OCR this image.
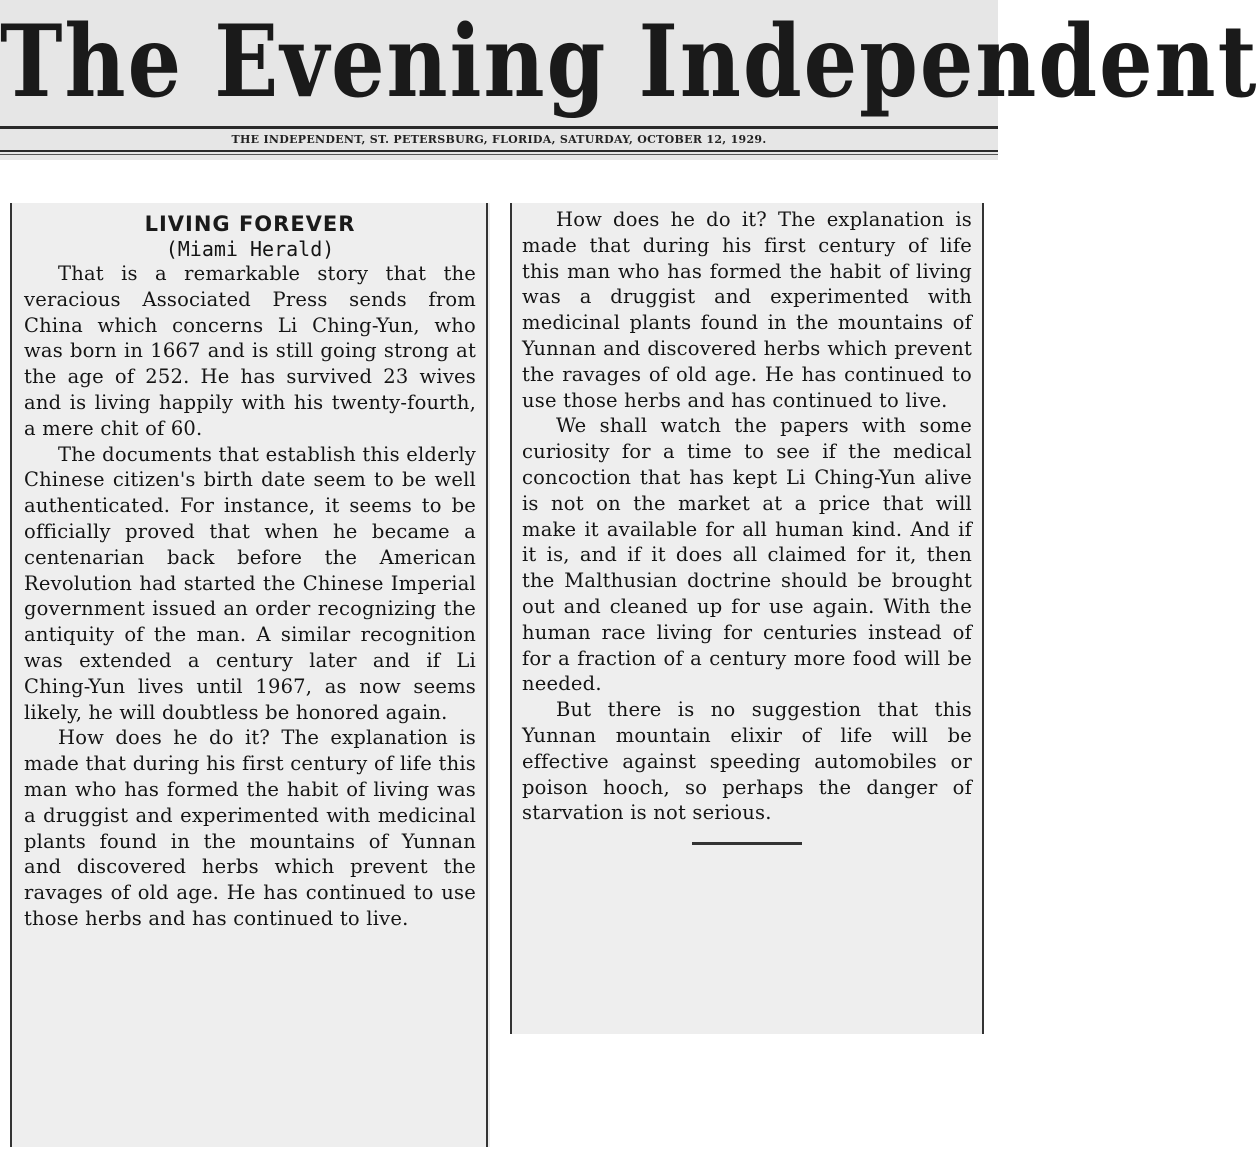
The Evening Independent
THE INDEPENDENT, ST. PETERSBURG, FLORIDA, SATURDAY, OCTOBER 12, 1929.
LIVING FOREVER
(Miami Herald)

That is a remarkable story that the veracious Associated Press sends from China which concerns Li Ching-Yun, who was born in 1667 and is still going strong at the age of 252. He has survived 23 wives and is living happily with his twenty-fourth, a mere chit of 60.

The documents that establish this elderly Chinese citizen's birth date seem to be well authenticated. For instance, it seems to be officially proved that when he became a centenarian back before the American Revolution had started the Chinese Imperial government issued an order recognizing the antiquity of the man. A similar recognition was extended a century later and if Li Ching-Yun lives until 1967, as now seems likely, he will doubtless be honored again.

How does he do it? The explanation is made that during his first century of life this man who has formed the habit of living was a druggist and experimented with medicinal plants found in the mountains of Yunnan and discovered herbs which prevent the ravages of old age. He has continued to use those herbs and has continued to live.

How does he do it? The explanation is made that during his first century of life this man who has formed the habit of living was a druggist and experimented with medicinal plants found in the mountains of Yunnan and discovered herbs which prevent the ravages of old age. He has continued to use those herbs and has continued to live.

We shall watch the papers with some curiosity for a time to see if the medical concoction that has kept Li Ching-Yun alive is not on the market at a price that will make it available for all human kind. And if it is, and if it does all claimed for it, then the Malthusian doctrine should be brought out and cleaned up for use again. With the human race living for centuries instead of for a fraction of a century more food will be needed.

But there is no suggestion that this Yunnan mountain elixir of life will be effective against speeding automobiles or poison hooch, so perhaps the danger of starvation is not serious.
